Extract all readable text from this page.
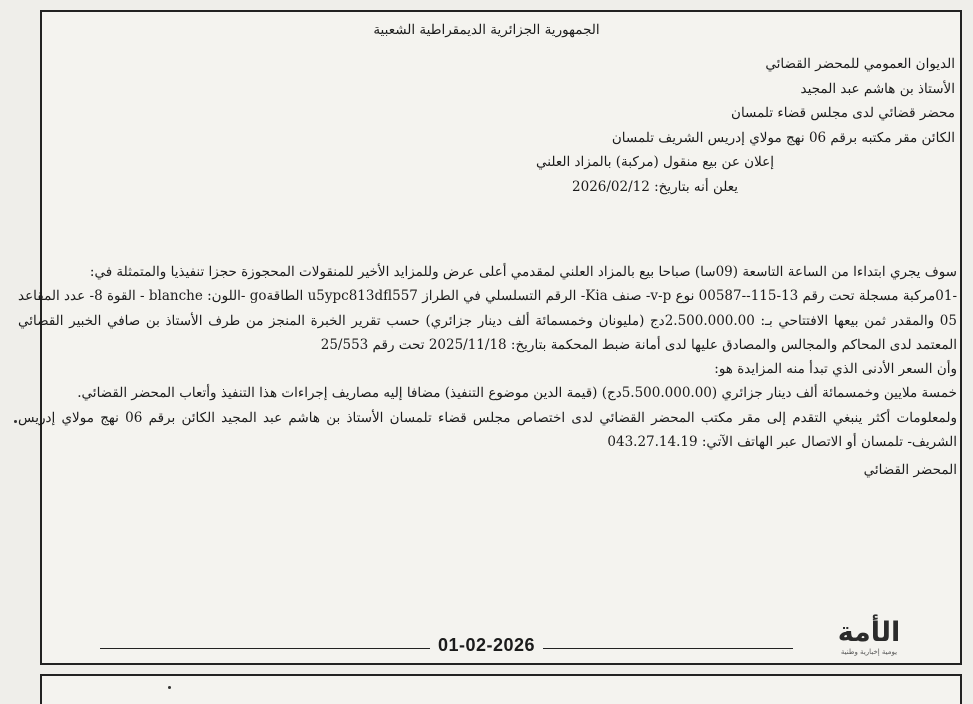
الجمهورية الجزائرية الديمقراطية الشعبية
الديوان العمومي للمحضر القضائي
الأستاذ بن هاشم عبد المجيد
محضر قضائي لدى مجلس قضاء تلمسان
الكائن مقر مكتبه برقم 06 نهج مولاي إدريس الشريف تلمسان
إعلان عن بيع منقول (مركبة) بالمزاد العلني
يعلن أنه بتاريخ: 2026/02/12

سوف يجري ابتداءا من الساعة التاسعة (09سا) صباحا بيع بالمزاد العلني لمقدمي أعلى عرض وللمزايد الأخير للمنقولات المحجوزة حجزا تنفيذيا والمتمثلة في:

-01مركبة مسجلة تحت رقم 13-115--00587 نوع v-p- صنف Kia- الرقم التسلسلي في الطراز u5ypc813dfl557 الطاقةgo -اللون: blanche - القوة 8- عدد المقاعد 05 والمقدر ثمن بيعها الافتتاحي بـ: 2.500.000.00دج (مليونان وخمسمائة ألف دينار جزائري) حسب تقرير الخبرة المنجز من طرف الأستاذ بن صافي الخبير القضائي المعتمد لدى المحاكم والمجالس والمصادق عليها لدى أمانة ضبط المحكمة بتاريخ: 2025/11/18 تحت رقم 25/553

وأن السعر الأدنى الذي تبدأ منه المزايدة هو:

خمسة ملايين وخمسمائة ألف دينار جزائري (5.500.000.00دج) (قيمة الدين موضوع التنفيذ) مضافا إليه مصاريف إجراءات هذا التنفيذ وأتعاب المحضر القضائي.

ولمعلومات أكثر ينبغي التقدم إلى مقر مكتب المحضر القضائي لدى اختصاص مجلس قضاء تلمسان الأستاذ بن هاشم عبد المجيد الكائن برقم 06 نهج مولاي إدريس الشريف- تلمسان أو الاتصال عبر الهاتف الآتي: 043.27.14.19

المحضر القضائي

01-02-2026	الأمة
يومية إخبارية وطنية
